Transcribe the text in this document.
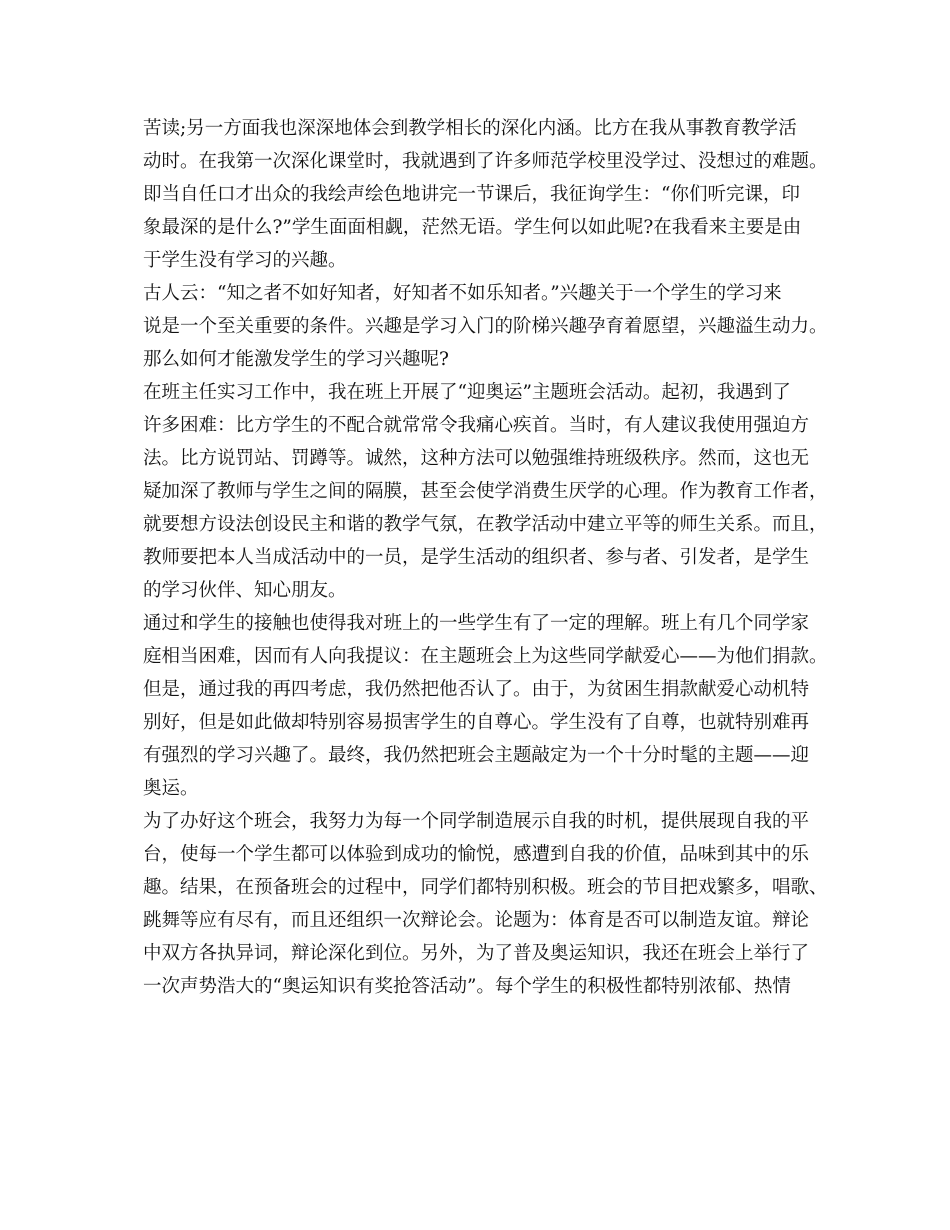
苦读;另一方面我也深深地体会到教学相长的深化内涵。比方在我从事教育教学活
动时。在我第一次深化课堂时，我就遇到了许多师范学校里没学过、没想过的难题。
即当自任口才出众的我绘声绘色地讲完一节课后，我征询学生：“你们听完课，印
象最深的是什么?”学生面面相觑，茫然无语。学生何以如此呢?在我看来主要是由
于学生没有学习的兴趣。
古人云：“知之者不如好知者，好知者不如乐知者。”兴趣关于一个学生的学习来
说是一个至关重要的条件。兴趣是学习入门的阶梯兴趣孕育着愿望，兴趣溢生动力。
那么如何才能激发学生的学习兴趣呢?
在班主任实习工作中，我在班上开展了“迎奥运”主题班会活动。起初，我遇到了
许多困难：比方学生的不配合就常常令我痛心疾首。当时，有人建议我使用强迫方
法。比方说罚站、罚蹲等。诚然，这种方法可以勉强维持班级秩序。然而，这也无
疑加深了教师与学生之间的隔膜，甚至会使学消费生厌学的心理。作为教育工作者，
就要想方设法创设民主和谐的教学气氛，在教学活动中建立平等的师生关系。而且，
教师要把本人当成活动中的一员，是学生活动的组织者、参与者、引发者，是学生
的学习伙伴、知心朋友。
通过和学生的接触也使得我对班上的一些学生有了一定的理解。班上有几个同学家
庭相当困难，因而有人向我提议：在主题班会上为这些同学献爱心——为他们捐款。
但是，通过我的再四考虑，我仍然把他否认了。由于，为贫困生捐款献爱心动机特
别好，但是如此做却特别容易损害学生的自尊心。学生没有了自尊，也就特别难再
有强烈的学习兴趣了。最终，我仍然把班会主题敲定为一个十分时髦的主题——迎
奥运。
为了办好这个班会，我努力为每一个同学制造展示自我的时机，提供展现自我的平
台，使每一个学生都可以体验到成功的愉悦，感遭到自我的价值，品味到其中的乐
趣。结果，在预备班会的过程中，同学们都特别积极。班会的节目把戏繁多，唱歌、
跳舞等应有尽有，而且还组织一次辩论会。论题为：体育是否可以制造友谊。辩论
中双方各执异词，辩论深化到位。另外，为了普及奥运知识，我还在班会上举行了
一次声势浩大的“奥运知识有奖抢答活动”。每个学生的积极性都特别浓郁、热情
